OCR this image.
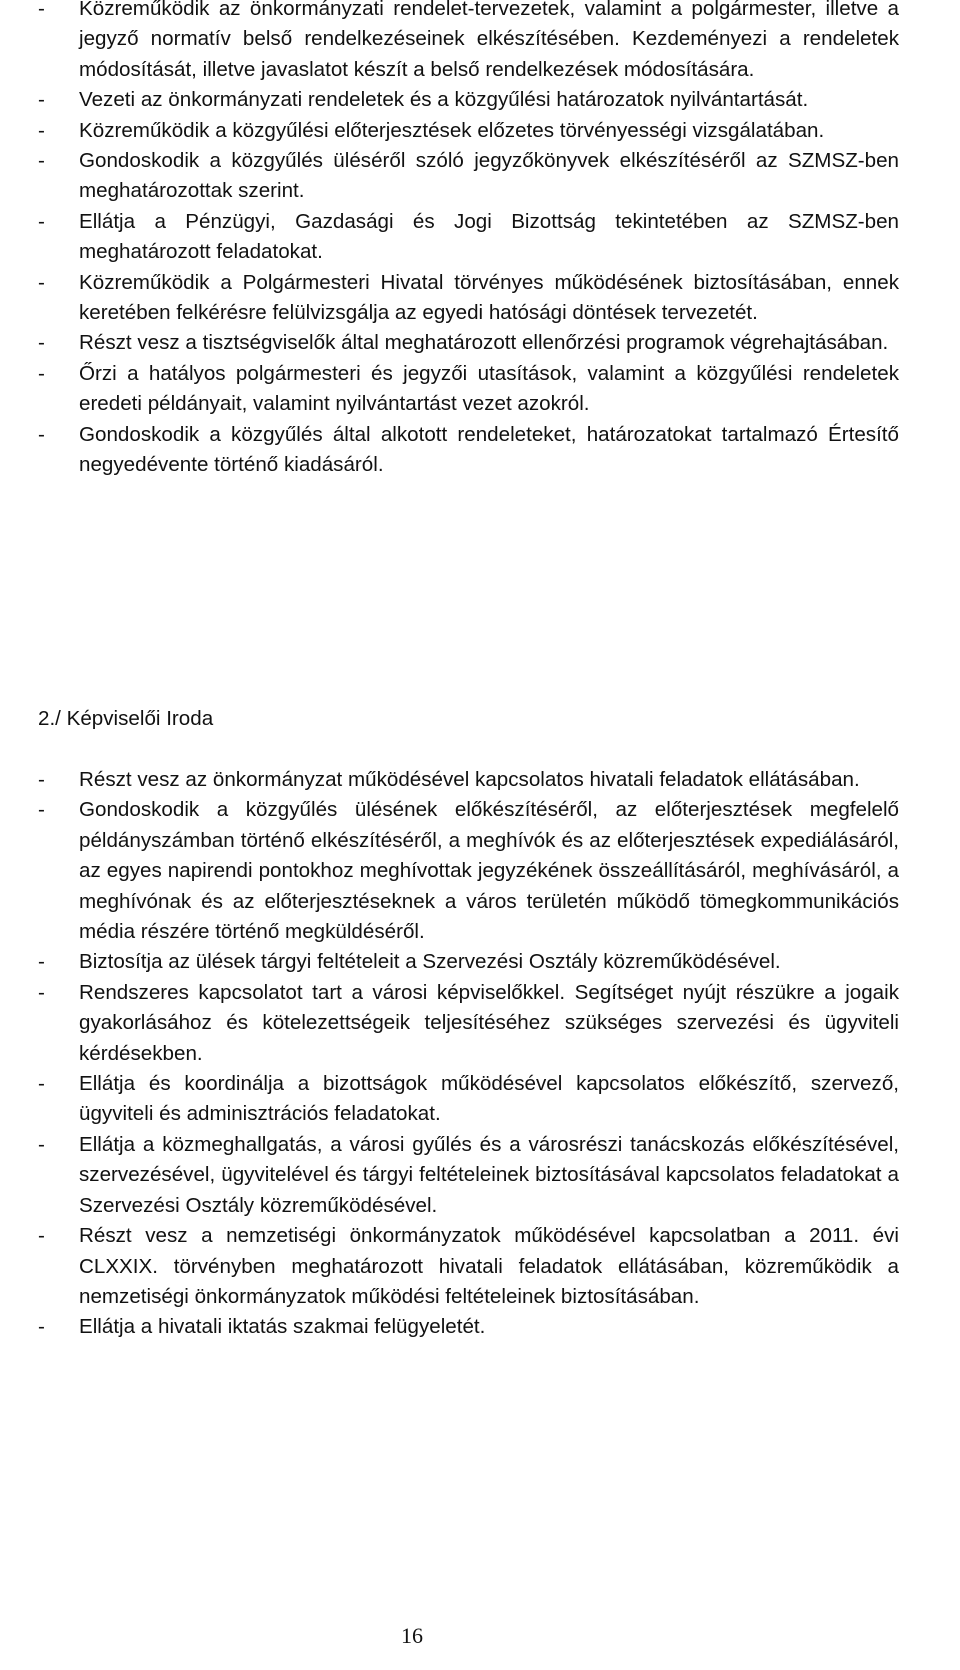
- Közreműködik az önkormányzati rendelet-tervezetek, valamint a polgármester, illetve a jegyző normatív belső rendelkezéseinek elkészítésében. Kezdeményezi a rendeletek módosítását, illetve javaslatot készít a belső rendelkezések módosítására.
- Vezeti az önkormányzati rendeletek és a közgyűlési határozatok nyilvántartását.
- Közreműködik a közgyűlési előterjesztések előzetes törvényességi vizsgálatában.
- Gondoskodik a közgyűlés üléséről szóló jegyzőkönyvek elkészítéséről az SZMSZ-ben meghatározottak szerint.
- Ellátja a Pénzügyi, Gazdasági és Jogi Bizottság tekintetében az SZMSZ-ben meghatározott feladatokat.
- Közreműködik a Polgármesteri Hivatal törvényes működésének biztosításában, ennek keretében felkérésre felülvizsgálja az egyedi hatósági döntések tervezetét.
- Részt vesz a tisztségviselők által meghatározott ellenőrzési programok végrehajtásában.
- Őrzi a hatályos polgármesteri és jegyzői utasítások, valamint a közgyűlési rendeletek eredeti példányait, valamint nyilvántartást vezet azokról.
- Gondoskodik a közgyűlés által alkotott rendeleteket, határozatokat tartalmazó Értesítő negyedévente történő kiadásáról.
2./ Képviselői Iroda
- Részt vesz az önkormányzat működésével kapcsolatos hivatali feladatok ellátásában.
- Gondoskodik a közgyűlés ülésének előkészítéséről, az előterjesztések megfelelő példányszámban történő elkészítéséről, a meghívók és az előterjesztések expediálásáról, az egyes napirendi pontokhoz meghívottak jegyzékének összeállításáról, meghívásáról, a meghívónak és az előterjesztéseknek a város területén működő tömegkommunikációs média részére történő megküldéséről.
- Biztosítja az ülések tárgyi feltételeit a Szervezési Osztály közreműködésével.
- Rendszeres kapcsolatot tart a városi képviselőkkel. Segítséget nyújt részükre a jogaik gyakorlásához és kötelezettségeik teljesítéséhez szükséges szervezési és ügyviteli kérdésekben.
- Ellátja és koordinálja a bizottságok működésével kapcsolatos előkészítő, szervező, ügyviteli és adminisztrációs feladatokat.
- Ellátja a közmeghallgatás, a városi gyűlés és a városrészi tanácskozás előkészítésével, szervezésével, ügyvitelével és tárgyi feltételeinek biztosításával kapcsolatos feladatokat a Szervezési Osztály közreműködésével.
- Részt vesz a nemzetiségi önkormányzatok működésével kapcsolatban a 2011. évi CLXXIX. törvényben meghatározott hivatali feladatok ellátásában, közreműködik a nemzetiségi önkormányzatok működési feltételeinek biztosításában.
- Ellátja a hivatali iktatás szakmai felügyeletét.
16
